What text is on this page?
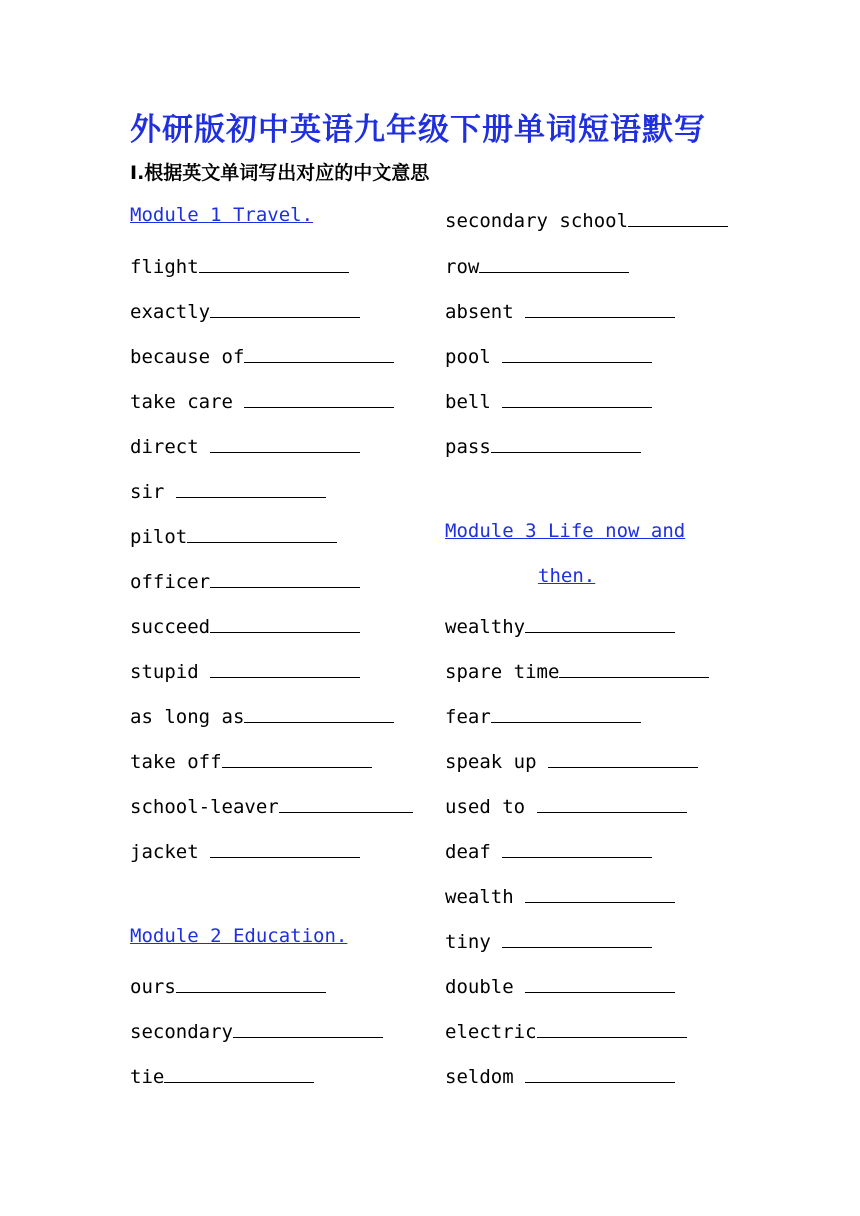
外研版初中英语九年级下册单词短语默写
I.根据英文单词写出对应的中文意思
Module 1 Travel.
flight
exactly
because of
take care
direct
sir
pilot
officer
succeed
stupid
as long as
take off
school-leaver
jacket
Module 2 Education.
ours
secondary
tie
secondary school
row
absent
pool
bell
pass
Module 3 Life now and
then.
wealthy
spare time
fear
speak up
used to
deaf
wealth
tiny
double
electric
seldom
